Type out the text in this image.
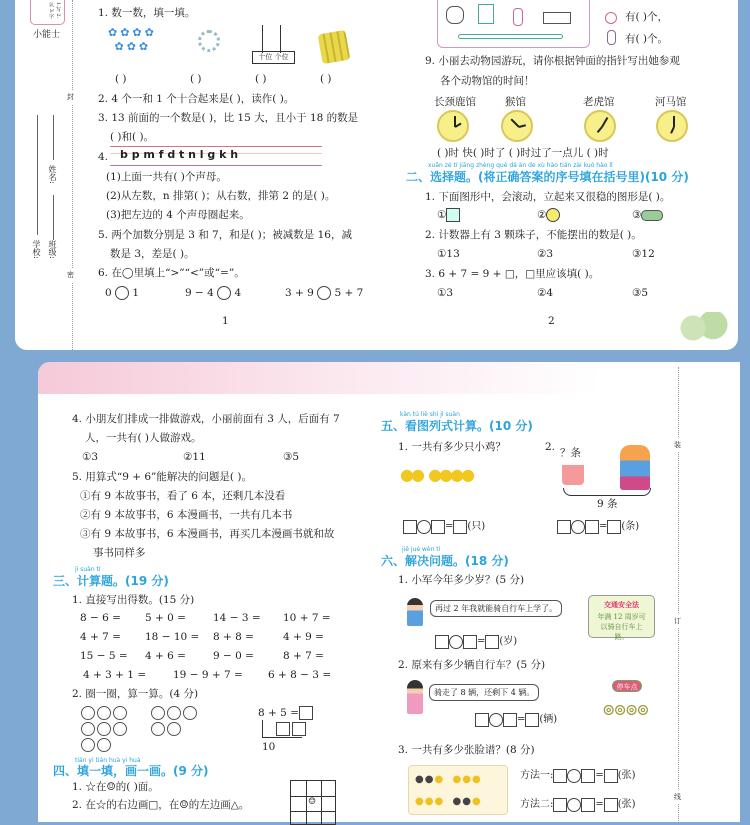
1.写 2.认 3.字
小能士
学校: 班级:
姓名:
封
密
1. 数一数，填一填。
✿✿✿✿
✿✿✿
十位 个位
( )	( )	( )	( )
2. 4 个一和 1 个十合起来是( )，读作( )。
3. 13 前面的一个数是( )，比 15 大，且小于 18 的数是
( )和( )。
4. b p m f d t n l g k h
(1)上面一共有( )个声母。
(2)从左数，n 排第( )；从右数，排第 2 的是( )。
(3)把左边的 4 个声母圈起来。
5. 两个加数分别是 3 和 7，和是( )；被减数是 16，减
数是 3，差是( )。
6. 在◯里填上“>”“<”或“=”。
0 1	9 − 4 4	3 + 9 5 + 7
1
有( )个，
有( )个。
9. 小丽去动物园游玩，请你根据钟面的指针写出她参观
各个动物馆的时间！
长颈鹿馆	猴馆	老虎馆	河马馆
( )时 快( )时了 ( )时过了一点儿 ( )时
xuǎn zé tí jiāng zhèng què dá àn de xù hào tián zài kuò hào lǐ
二、选择题。(将正确答案的序号填在括号里)(10 分)
1. 下面图形中，会滚动，立起来又很稳的图形是( )。
①	②	③
2. 计数器上有 3 颗珠子，不能摆出的数是( )。
①13	②3	③12
3. 6 + 7 = 9 + □，□里应该填( )。
①3	②4	③5
2
装
订
线
4. 小朋友们排成一排做游戏，小丽前面有 3 人，后面有 7
人，一共有( )人做游戏。
①3	②11	③5
5. 用算式“9 + 6”能解决的问题是( )。
①有 9 本故事书，看了 6 本，还剩几本没看
②有 9 本故事书，6 本漫画书，一共有几本书
③有 9 本故事书，6 本漫画书，再买几本漫画书就和故
事书同样多
jì suàn tí
三、计算题。(19 分)
1. 直接写出得数。(15 分)
8 − 6 = 5 + 0 =	14 − 3 = 10 + 7 =
4 + 7 = 18 − 10 = 8 + 8 =	4 + 9 =
15 − 5 = 4 + 6 =	9 − 0 =	8 + 7 =
4 + 3 + 1 =	19 − 9 + 7 = 6 + 8 − 3 =
2. 圈一圈，算一算。(4 分)
8 + 5 =
10
tián yi tián huà yi huà
四、填一填，画一画。(9 分)
1. ☆在☺的( )面。
2. 在☆的右边画□，在☺的左边画△。	☺
kàn tú liè shì jì suàn
五、看图列式计算。(10 分)
1. 一共有多少只小鸡？	2. ？条
●●
●●●●
9 条
= (只)	= (条)
jiě jué wèn tí
六、解决问题。(18 分)
1. 小军今年多少岁？(5 分)
再过 2 年我就能骑自行车上学了。	交通安全法
年满 12 周岁可以骑自行车上路。
= (岁)
2. 原来有多少辆自行车？(5 分)
骑走了 8 辆，还剩下 4 辆。
停车点
⊚⊚⊚⊚
= (辆)
3. 一共有多少张脸谱？(8 分)
●●●  ●●●
●●●  ●●●
方法一:	= (张)
方法二:	= (张)
